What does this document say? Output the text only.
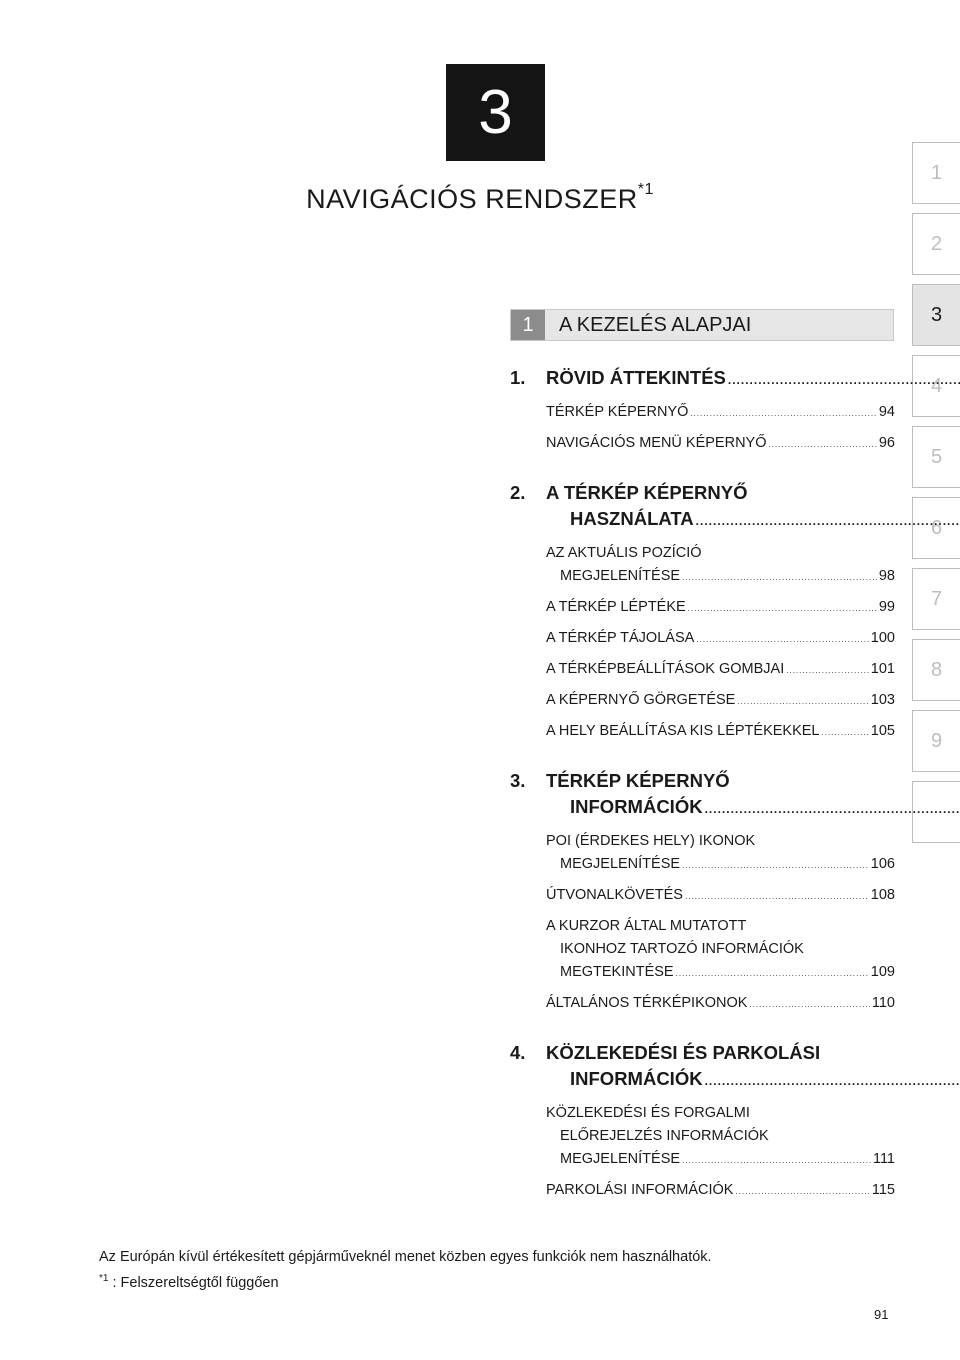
3
NAVIGÁCIÓS RENDSZER$^{*1}$
1
2
3
4
5
6
7
8
9
1	A KEZELÉS ALAPJAI
1.	RÖVID ÁTTEKINTÉS
.....
TÉRKÉP KÉPERNYŐ .....	94
NAVIGÁCIÓS MENÜ KÉPERNYŐ .....	96
2.	A TÉRKÉP KÉPERNYŐ
HASZNÁLATA
.....
AZ AKTUÁLIS POZÍCIÓ
MEGJELENÍTÉSE .....	98
A TÉRKÉP LÉPTÉKE .....	99
A TÉRKÉP TÁJOLÁSA .....	100
A TÉRKÉPBEÁLLÍTÁSOK GOMBJAI .....	101
A KÉPERNYŐ GÖRGETÉSE .....	103
A HELY BEÁLLÍTÁSA KIS LÉPTÉKEKKEL .....	105
3.	TÉRKÉP KÉPERNYŐ
INFORMÁCIÓK
.....
POI (ÉRDEKES HELY) IKONOK
MEGJELENÍTÉSE .....	106
ÚTVONALKÖVETÉS .....	108
A KURZOR ÁLTAL MUTATOTT
IKONHOZ TARTOZÓ INFORMÁCIÓK
MEGTEKINTÉSE .....	109
ÁLTALÁNOS TÉRKÉPIKONOK .....	110
4.	KÖZLEKEDÉSI ÉS PARKOLÁSI
INFORMÁCIÓK
.....
KÖZLEKEDÉSI ÉS FORGALMI
ELŐREJELZÉS INFORMÁCIÓK
MEGJELENÍTÉSE .....	111
PARKOLÁSI INFORMÁCIÓK .....	115
Az Európán kívül értékesített gépjárműveknél menet közben egyes funkciók nem használhatók.
$^{*1}$ : Felszereltségtől függően
91
